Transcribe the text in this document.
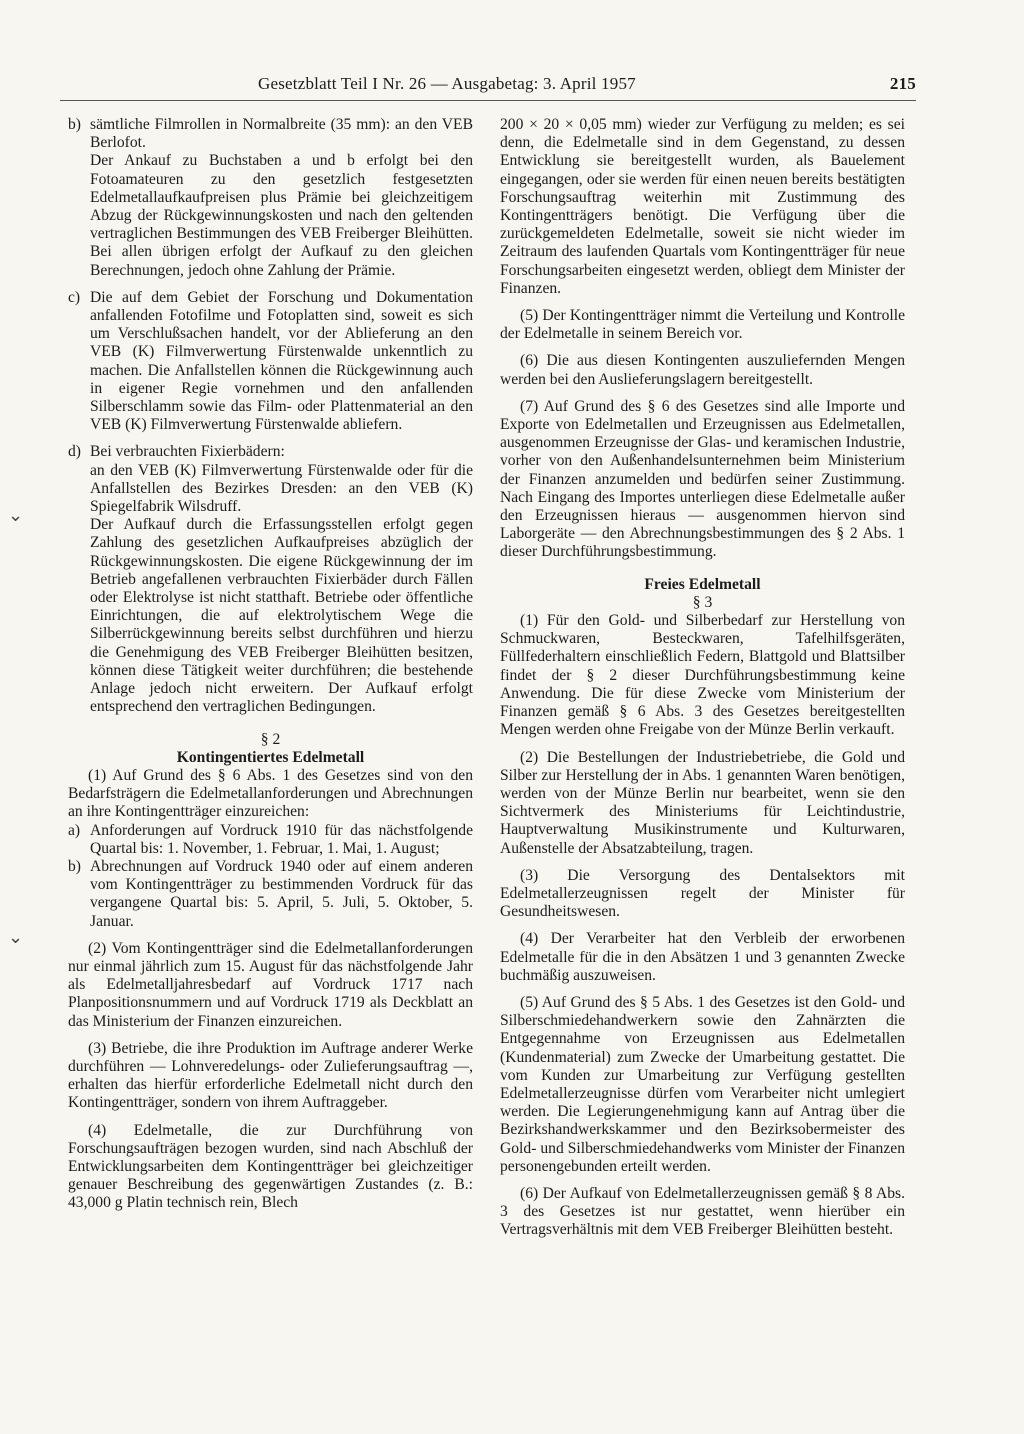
Gesetzblatt Teil I Nr. 26 — Ausgabetag: 3. April 1957	215
⌄
⌄
b) sämtliche Filmrollen in Normalbreite (35 mm): an den VEB Berlofot.

Der Ankauf zu Buchstaben a und b erfolgt bei den Fotoamateuren zu den gesetzlich festgesetzten Edelmetallaufkaufpreisen plus Prämie bei gleichzeitigem Abzug der Rückgewinnungskosten und nach den geltenden vertraglichen Bestimmungen des VEB Freiberger Bleihütten. Bei allen übrigen erfolgt der Aufkauf zu den gleichen Berechnungen, jedoch ohne Zahlung der Prämie.

c) Die auf dem Gebiet der Forschung und Dokumentation anfallenden Fotofilme und Fotoplatten sind, soweit es sich um Verschlußsachen handelt, vor der Ablieferung an den VEB (K) Filmverwertung Fürstenwalde unkenntlich zu machen. Die Anfallstellen können die Rückgewinnung auch in eigener Regie vornehmen und den anfallenden Silberschlamm sowie das Film- oder Plattenmaterial an den VEB (K) Filmverwertung Fürstenwalde abliefern.
d) Bei verbrauchten Fixierbädern:

an den VEB (K) Filmverwertung Fürstenwalde oder für die Anfallstellen des Bezirkes Dresden: an den VEB (K) Spiegelfabrik Wilsdruff.

Der Aufkauf durch die Erfassungsstellen erfolgt gegen Zahlung des gesetzlichen Aufkaufpreises abzüglich der Rückgewinnungskosten. Die eigene Rückgewinnung der im Betrieb angefallenen verbrauchten Fixierbäder durch Fällen oder Elektrolyse ist nicht statthaft. Betriebe oder öffentliche Einrichtungen, die auf elektrolytischem Wege die Silberrückgewinnung bereits selbst durchführen und hierzu die Genehmigung des VEB Freiberger Bleihütten besitzen, können diese Tätigkeit weiter durchführen; die bestehende Anlage jedoch nicht erweitern. Der Aufkauf erfolgt entsprechend den vertraglichen Bedingungen.

§ 2

Kontingentiertes Edelmetall

(1) Auf Grund des § 6 Abs. 1 des Gesetzes sind von den Bedarfsträgern die Edelmetallanforderungen und Abrechnungen an ihre Kontingentträger einzureichen:

a) Anforderungen auf Vordruck 1910 für das nächstfolgende Quartal bis: 1. November, 1. Februar, 1. Mai, 1. August;
b) Abrechnungen auf Vordruck 1940 oder auf einem anderen vom Kontingentträger zu bestimmenden Vordruck für das vergangene Quartal bis: 5. April, 5. Juli, 5. Oktober, 5. Januar.

(2) Vom Kontingentträger sind die Edelmetallanforderungen nur einmal jährlich zum 15. August für das nächstfolgende Jahr als Edelmetalljahresbedarf auf Vordruck 1717 nach Planpositionsnummern und auf Vordruck 1719 als Deckblatt an das Ministerium der Finanzen einzureichen.

(3) Betriebe, die ihre Produktion im Auftrage anderer Werke durchführen — Lohnveredelungs- oder Zulieferungsauftrag —, erhalten das hierfür erforderliche Edelmetall nicht durch den Kontingentträger, sondern von ihrem Auftraggeber.

(4) Edelmetalle, die zur Durchführung von Forschungsaufträgen bezogen wurden, sind nach Abschluß der Entwicklungsarbeiten dem Kontingentträger bei gleichzeitiger genauer Beschreibung des gegenwärtigen Zustandes (z. B.: 43,000 g Platin technisch rein, Blech

200 × 20 × 0,05 mm) wieder zur Verfügung zu melden; es sei denn, die Edelmetalle sind in dem Gegenstand, zu dessen Entwicklung sie bereitgestellt wurden, als Bauelement eingegangen, oder sie werden für einen neuen bereits bestätigten Forschungsauftrag weiterhin mit Zustimmung des Kontingentträgers benötigt. Die Verfügung über die zurückgemeldeten Edelmetalle, soweit sie nicht wieder im Zeitraum des laufenden Quartals vom Kontingentträger für neue Forschungsarbeiten eingesetzt werden, obliegt dem Minister der Finanzen.

(5) Der Kontingentträger nimmt die Verteilung und Kontrolle der Edelmetalle in seinem Bereich vor.

(6) Die aus diesen Kontingenten auszuliefernden Mengen werden bei den Auslieferungslagern bereitgestellt.

(7) Auf Grund des § 6 des Gesetzes sind alle Importe und Exporte von Edelmetallen und Erzeugnissen aus Edelmetallen, ausgenommen Erzeugnisse der Glas- und keramischen Industrie, vorher von den Außenhandelsunternehmen beim Ministerium der Finanzen anzumelden und bedürfen seiner Zustimmung. Nach Eingang des Importes unterliegen diese Edelmetalle außer den Erzeugnissen hieraus — ausgenommen hiervon sind Laborgeräte — den Abrechnungsbestimmungen des § 2 Abs. 1 dieser Durchführungsbestimmung.

Freies Edelmetall

§ 3

(1) Für den Gold- und Silberbedarf zur Herstellung von Schmuckwaren, Besteckwaren, Tafelhilfsgeräten, Füllfederhaltern einschließlich Federn, Blattgold und Blattsilber findet der § 2 dieser Durchführungsbestimmung keine Anwendung. Die für diese Zwecke vom Ministerium der Finanzen gemäß § 6 Abs. 3 des Gesetzes bereitgestellten Mengen werden ohne Freigabe von der Münze Berlin verkauft.

(2) Die Bestellungen der Industriebetriebe, die Gold und Silber zur Herstellung der in Abs. 1 genannten Waren benötigen, werden von der Münze Berlin nur bearbeitet, wenn sie den Sichtvermerk des Ministeriums für Leichtindustrie, Hauptverwaltung Musikinstrumente und Kulturwaren, Außenstelle der Absatzabteilung, tragen.

(3) Die Versorgung des Dentalsektors mit Edelmetallerzeugnissen regelt der Minister für Gesundheitswesen.

(4) Der Verarbeiter hat den Verbleib der erworbenen Edelmetalle für die in den Absätzen 1 und 3 genannten Zwecke buchmäßig auszuweisen.

(5) Auf Grund des § 5 Abs. 1 des Gesetzes ist den Gold- und Silberschmiedehandwerkern sowie den Zahnärzten die Entgegennahme von Erzeugnissen aus Edelmetallen (Kundenmaterial) zum Zwecke der Umarbeitung gestattet. Die vom Kunden zur Umarbeitung zur Verfügung gestellten Edelmetallerzeugnisse dürfen vom Verarbeiter nicht umlegiert werden. Die Legierungenehmigung kann auf Antrag über die Bezirkshandwerkskammer und den Bezirksobermeister des Gold- und Silberschmiedehandwerks vom Minister der Finanzen personengebunden erteilt werden.

(6) Der Aufkauf von Edelmetallerzeugnissen gemäß § 8 Abs. 3 des Gesetzes ist nur gestattet, wenn hierüber ein Vertragsverhältnis mit dem VEB Freiberger Bleihütten besteht.
